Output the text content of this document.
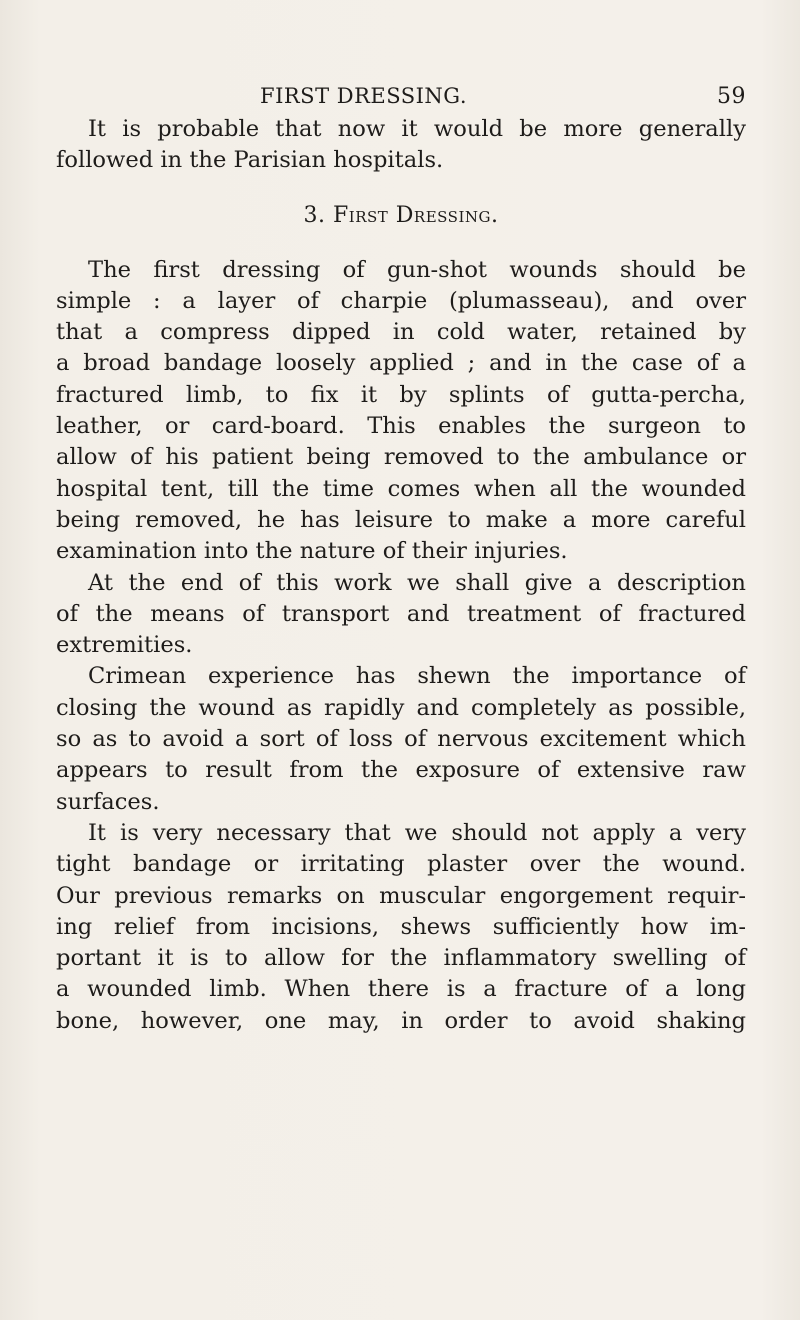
FIRST DRESSING.	59
It is probable that now it would be more generally
followed in the Parisian hospitals.
3. First Dressing.
The first dressing of gun-shot wounds should be
simple : a layer of charpie (plumasseau), and over
that a compress dipped in cold water, retained by
a broad bandage loosely applied ; and in the case of a
fractured limb, to fix it by splints of gutta-percha,
leather, or card-board. This enables the surgeon to
allow of his patient being removed to the ambulance or
hospital tent, till the time comes when all the wounded
being removed, he has leisure to make a more careful
examination into the nature of their injuries.
At the end of this work we shall give a description
of the means of transport and treatment of fractured
extremities.
Crimean experience has shewn the importance of
closing the wound as rapidly and completely as possible,
so as to avoid a sort of loss of nervous excitement which
appears to result from the exposure of extensive raw
surfaces.
It is very necessary that we should not apply a very
tight bandage or irritating plaster over the wound.
Our previous remarks on muscular engorgement requir-
ing relief from incisions, shews sufficiently how im-
portant it is to allow for the inflammatory swelling of
a wounded limb. When there is a fracture of a long
bone, however, one may, in order to avoid shaking
